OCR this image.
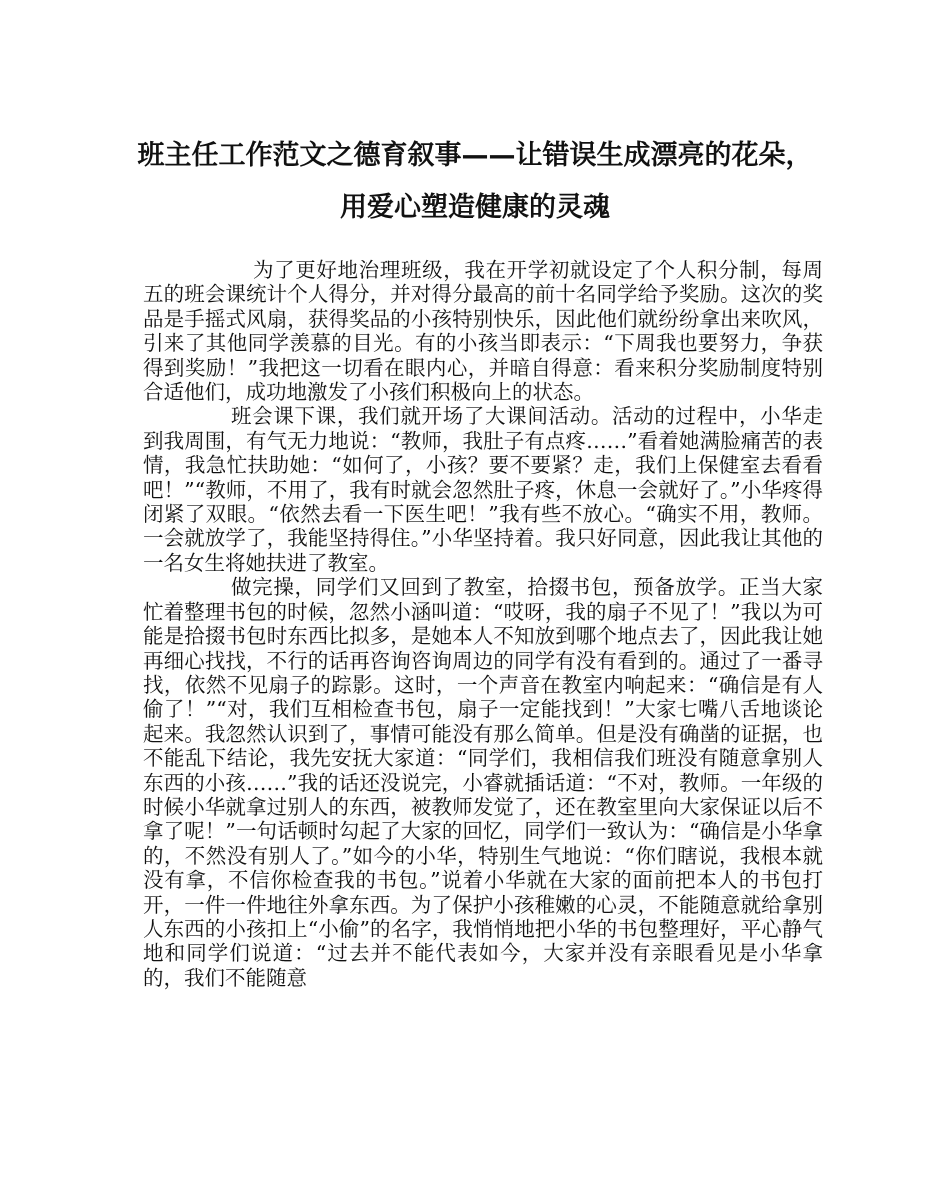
班主任工作范文之德育叙事——让错误生成漂亮的花朵，
用爱心塑造健康的灵魂

为了更好地治理班级，我在开学初就设定了个人积分制，每周五的班会课统计个人得分，并对得分最高的前十名同学给予奖励。这次的奖品是手摇式风扇，获得奖品的小孩特别快乐，因此他们就纷纷拿出来吹风，引来了其他同学羡慕的目光。有的小孩当即表示：“下周我也要努力，争获得到奖励！”我把这一切看在眼内心，并暗自得意：看来积分奖励制度特别合适他们，成功地激发了小孩们积极向上的状态。

班会课下课，我们就开场了大课间活动。活动的过程中，小华走到我周围，有气无力地说：“教师，我肚子有点疼……”看着她满脸痛苦的表情，我急忙扶助她：“如何了，小孩？要不要紧？走，我们上保健室去看看吧！”“教师，不用了，我有时就会忽然肚子疼，休息一会就好了。”小华疼得闭紧了双眼。“依然去看一下医生吧！”我有些不放心。“确实不用，教师。一会就放学了，我能坚持得住。”小华坚持着。我只好同意，因此我让其他的一名女生将她扶进了教室。

做完操，同学们又回到了教室，拾掇书包，预备放学。正当大家忙着整理书包的时候，忽然小涵叫道：“哎呀，我的扇子不见了！”我以为可能是拾掇书包时东西比拟多，是她本人不知放到哪个地点去了，因此我让她再细心找找，不行的话再咨询咨询周边的同学有没有看到的。通过了一番寻找，依然不见扇子的踪影。这时，一个声音在教室内响起来：“确信是有人偷了！”“对，我们互相检查书包，扇子一定能找到！”大家七嘴八舌地谈论起来。我忽然认识到了，事情可能没有那么简单。但是没有确凿的证据，也不能乱下结论，我先安抚大家道：“同学们，我相信我们班没有随意拿别人东西的小孩……”我的话还没说完，小睿就插话道：“不对，教师。一年级的时候小华就拿过别人的东西，被教师发觉了，还在教室里向大家保证以后不拿了呢！”一句话顿时勾起了大家的回忆，同学们一致认为：“确信是小华拿的，不然没有别人了。”如今的小华，特别生气地说：“你们瞎说，我根本就没有拿，不信你检查我的书包。”说着小华就在大家的面前把本人的书包打开，一件一件地往外拿东西。为了保护小孩稚嫩的心灵，不能随意就给拿别人东西的小孩扣上“小偷”的名字，我悄悄地把小华的书包整理好，平心静气地和同学们说道：“过去并不能代表如今，大家并没有亲眼看见是小华拿的，我们不能随意
